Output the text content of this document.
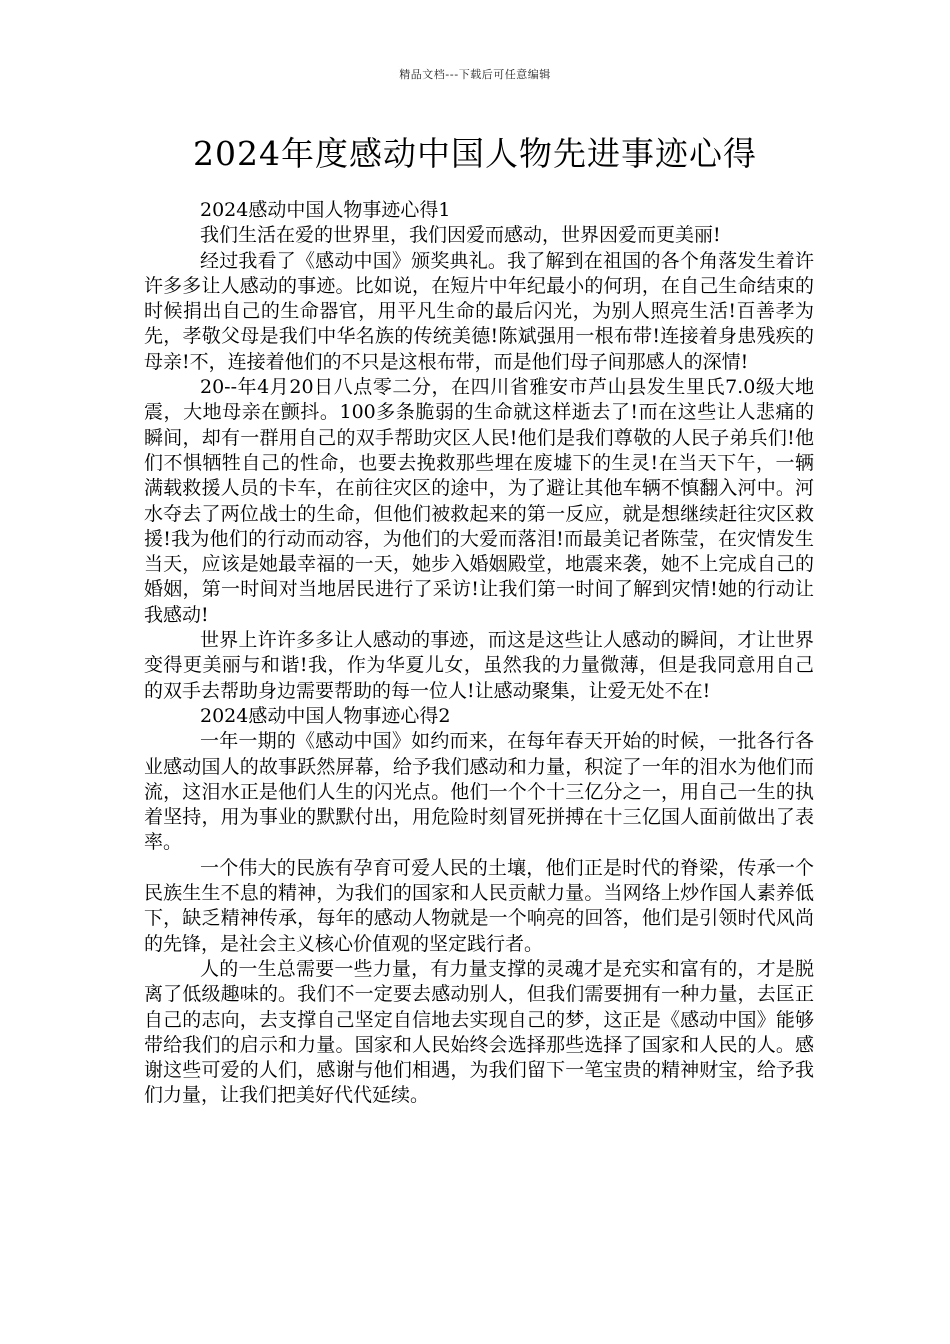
精品文档---下载后可任意编辑
2024年度感动中国人物先进事迹心得

2024感动中国人物事迹心得1

我们生活在爱的世界里，我们因爱而感动，世界因爱而更美丽!

经过我看了《感动中国》颁奖典礼。我了解到在祖国的各个角落发生着许许多多让人感动的事迹。比如说，在短片中年纪最小的何玥，在自己生命结束的时候捐出自己的生命器官，用平凡生命的最后闪光，为别人照亮生活!百善孝为先，孝敬父母是我们中华名族的传统美德!陈斌强用一根布带!连接着身患残疾的母亲!不，连接着他们的不只是这根布带，而是他们母子间那感人的深情!

20--年4月20日八点零二分，在四川省雅安市芦山县发生里氏7.0级大地震，大地母亲在颤抖。100多条脆弱的生命就这样逝去了!而在这些让人悲痛的瞬间，却有一群用自己的双手帮助灾区人民!他们是我们尊敬的人民子弟兵们!他们不惧牺牲自己的性命，也要去挽救那些埋在废墟下的生灵!在当天下午，一辆满载救援人员的卡车，在前往灾区的途中，为了避让其他车辆不慎翻入河中。河水夺去了两位战士的生命，但他们被救起来的第一反应，就是想继续赶往灾区救援!我为他们的行动而动容，为他们的大爱而落泪!而最美记者陈莹，在灾情发生当天，应该是她最幸福的一天，她步入婚姻殿堂，地震来袭，她不上完成自己的婚姻，第一时间对当地居民进行了采访!让我们第一时间了解到灾情!她的行动让我感动!

世界上许许多多让人感动的事迹，而这是这些让人感动的瞬间，才让世界变得更美丽与和谐!我，作为华夏儿女，虽然我的力量微薄，但是我同意用自己的双手去帮助身边需要帮助的每一位人!让感动聚集，让爱无处不在!

2024感动中国人物事迹心得2

一年一期的《感动中国》如约而来，在每年春天开始的时候，一批各行各业感动国人的故事跃然屏幕，给予我们感动和力量，积淀了一年的泪水为他们而流，这泪水正是他们人生的闪光点。他们一个个十三亿分之一，用自己一生的执着坚持，用为事业的默默付出，用危险时刻冒死拼搏在十三亿国人面前做出了表率。

一个伟大的民族有孕育可爱人民的土壤，他们正是时代的脊梁，传承一个民族生生不息的精神，为我们的国家和人民贡献力量。当网络上炒作国人素养低下，缺乏精神传承，每年的感动人物就是一个响亮的回答，他们是引领时代风尚的先锋，是社会主义核心价值观的坚定践行者。

人的一生总需要一些力量，有力量支撑的灵魂才是充实和富有的，才是脱离了低级趣味的。我们不一定要去感动别人，但我们需要拥有一种力量，去匡正自己的志向，去支撑自己坚定自信地去实现自己的梦，这正是《感动中国》能够带给我们的启示和力量。国家和人民始终会选择那些选择了国家和人民的人。感谢这些可爱的人们，感谢与他们相遇，为我们留下一笔宝贵的精神财宝，给予我们力量，让我们把美好代代延续。
